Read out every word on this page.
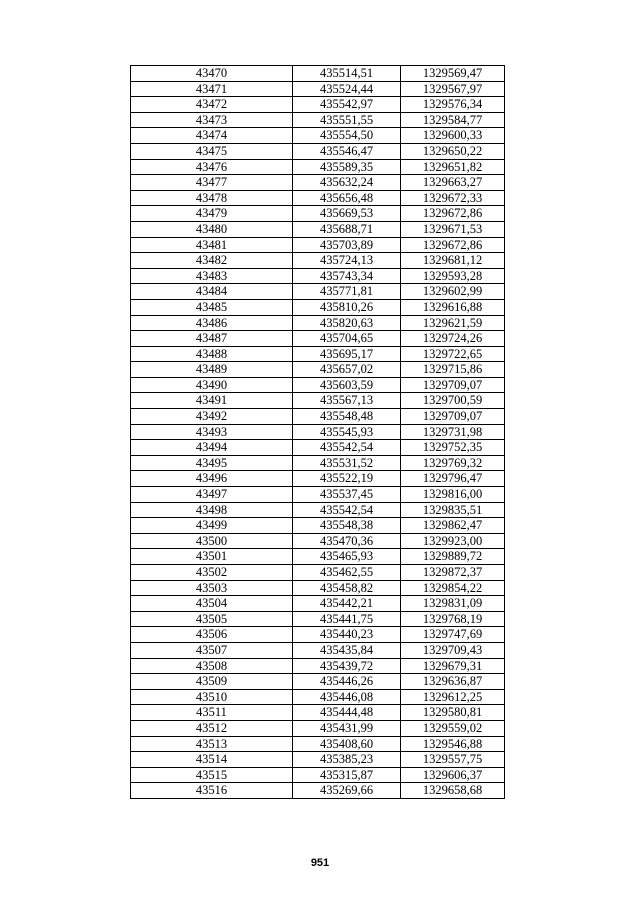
43470	435514,51	1329569,47
43471	435524,44	1329567,97
43472	435542,97	1329576,34
43473	435551,55	1329584,77
43474	435554,50	1329600,33
43475	435546,47	1329650,22
43476	435589,35	1329651,82
43477	435632,24	1329663,27
43478	435656,48	1329672,33
43479	435669,53	1329672,86
43480	435688,71	1329671,53
43481	435703,89	1329672,86
43482	435724,13	1329681,12
43483	435743,34	1329593,28
43484	435771,81	1329602,99
43485	435810,26	1329616,88
43486	435820,63	1329621,59
43487	435704,65	1329724,26
43488	435695,17	1329722,65
43489	435657,02	1329715,86
43490	435603,59	1329709,07
43491	435567,13	1329700,59
43492	435548,48	1329709,07
43493	435545,93	1329731,98
43494	435542,54	1329752,35
43495	435531,52	1329769,32
43496	435522,19	1329796,47
43497	435537,45	1329816,00
43498	435542,54	1329835,51
43499	435548,38	1329862,47
43500	435470,36	1329923,00
43501	435465,93	1329889,72
43502	435462,55	1329872,37
43503	435458,82	1329854,22
43504	435442,21	1329831,09
43505	435441,75	1329768,19
43506	435440,23	1329747,69
43507	435435,84	1329709,43
43508	435439,72	1329679,31
43509	435446,26	1329636,87
43510	435446,08	1329612,25
43511	435444,48	1329580,81
43512	435431,99	1329559,02
43513	435408,60	1329546,88
43514	435385,23	1329557,75
43515	435315,87	1329606,37
43516	435269,66	1329658,68
951
